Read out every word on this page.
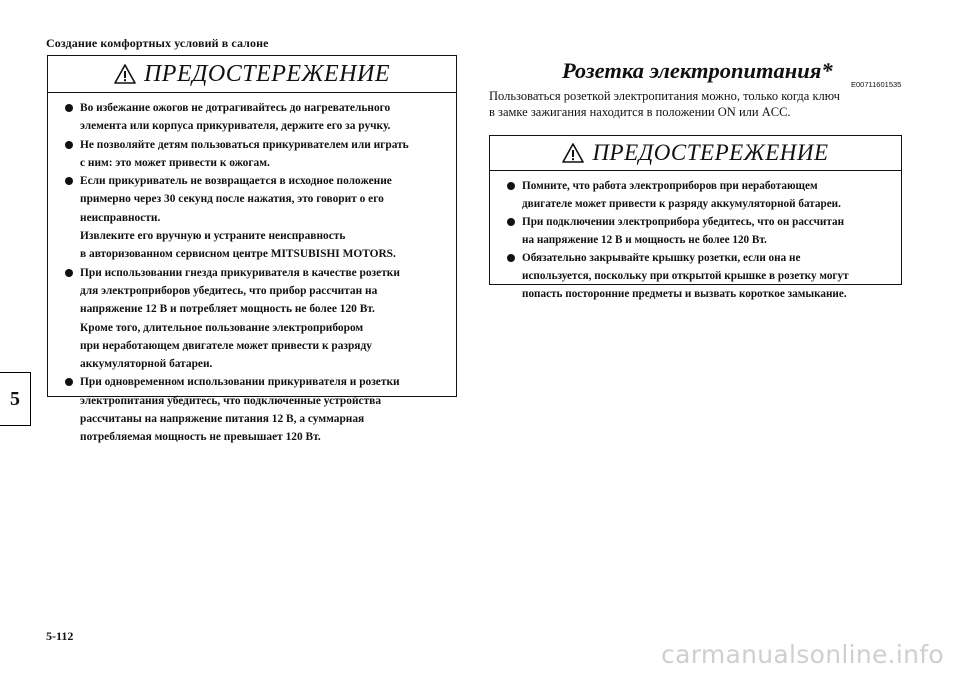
Создание комфортных условий в салоне
5
ПРЕДОСТЕРЕЖЕНИЕ
Во избежание ожогов не дотрагивайтесь до нагревательного
элемента или корпуса прикуривателя, держите его за ручку.
Не позволяйте детям пользоваться прикуривателем или играть
с ним: это может привести к ожогам.
Если прикуриватель не возвращается в исходное положение
примерно через 30 секунд после нажатия, это говорит о его
неисправности.
Извлеките его вручную и устраните неисправность
в авторизованном сервисном центре MITSUBISHI MOTORS.
При использовании гнезда прикуривателя в качестве розетки
для электроприборов убедитесь, что прибор рассчитан на
напряжение 12 В и потребляет мощность не более 120 Вт.
Кроме того, длительное пользование электроприбором
при неработающем двигателе может привести к разряду
аккумуляторной батареи.
При одновременном использовании прикуривателя и розетки
электропитания убедитесь, что подключенные устройства
рассчитаны на напряжение питания 12 В, а суммарная
потребляемая мощность не превышает 120 Вт.
Розетка электропитания*
E00711601535
Пользоваться розеткой электропитания можно, только когда ключ
в замке зажигания находится в положении ON или ACC.
ПРЕДОСТЕРЕЖЕНИЕ
Помните, что работа электроприборов при неработающем
двигателе может привести к разряду аккумуляторной батареи.
При подключении электроприбора убедитесь, что он рассчитан
на напряжение 12 В и мощность не более 120 Вт.
Обязательно закрывайте крышку розетки, если она не
используется, поскольку при открытой крышке в розетку могут
попасть посторонние предметы и вызвать короткое замыкание.
5-112
carmanualsonline.info
